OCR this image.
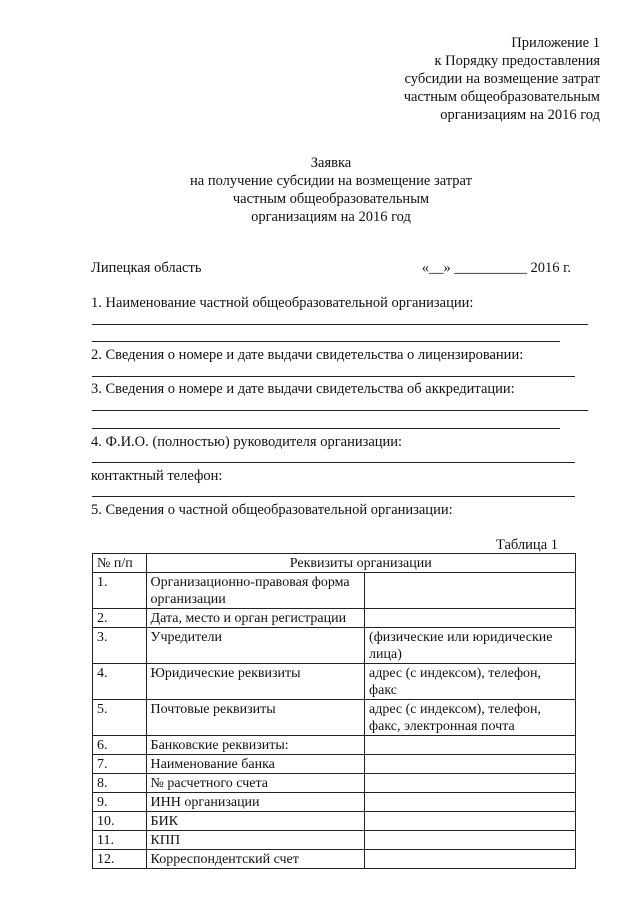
Приложение 1
к Порядку предоставления
субсидии на возмещение затрат
частным общеобразовательным
организациям на 2016 год
Заявка
на получение субсидии на возмещение затрат
частным общеобразовательным
организациям на 2016 год
Липецкая область	«__» __________ 2016 г.
1. Наименование частной общеобразовательной организации:
2. Сведения о номере и дате выдачи свидетельства о лицензировании:
3. Сведения о номере и дате выдачи свидетельства об аккредитации:
4. Ф.И.О. (полностью) руководителя организации:
контактный телефон:
5. Сведения о частной общеобразовательной организации:
Таблица 1
№ п/п	Реквизиты организации	
1.	Организационно-правовая форма организации	
2.	Дата, место и орган регистрации	
3.	Учредители	(физические или юридические лица)
4.	Юридические реквизиты	адрес (с индексом), телефон, факс
5.	Почтовые реквизиты	адрес (с индексом), телефон, факс, электронная почта
6.	Банковские реквизиты:	
7.	Наименование банка	
8.	№ расчетного счета	
9.	ИНН организации	
10.	БИК	
11.	КПП	
12.	Корреспондентский счет	
